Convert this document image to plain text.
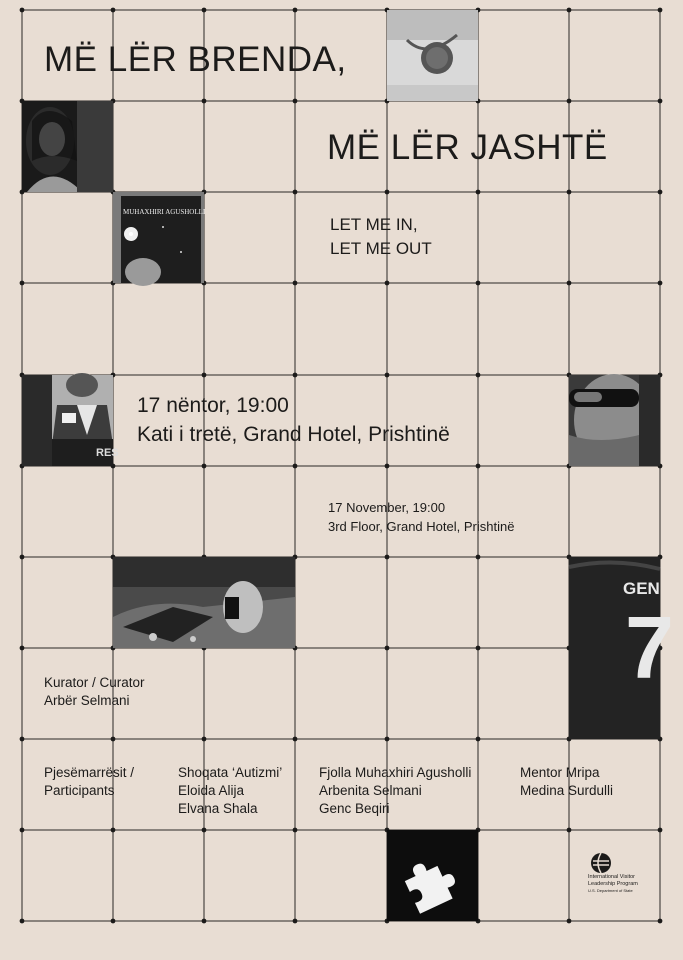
MUHAXHIRI AGUSHOLLI
RES
GEN
7
MË LËR BRENDA,
MË LËR JASHTË
LET ME IN,
LET ME OUT
17 nëntor, 19:00
Kati i tretë, Grand Hotel, Prishtinë
17 November, 19:00
3rd Floor, Grand Hotel, Prishtinë
Kurator / Curator
Arbër Selmani
Pjesëmarrësit /
Participants
Shoqata ‘Autizmi’
Eloida Alija
Elvana Shala
Fjolla Muhaxhiri Agusholli
Arbenita Selmani
Genc Beqiri
Mentor Mripa
Medina Surdulli
International Visitor
Leadership Program
U.S. Department of State
